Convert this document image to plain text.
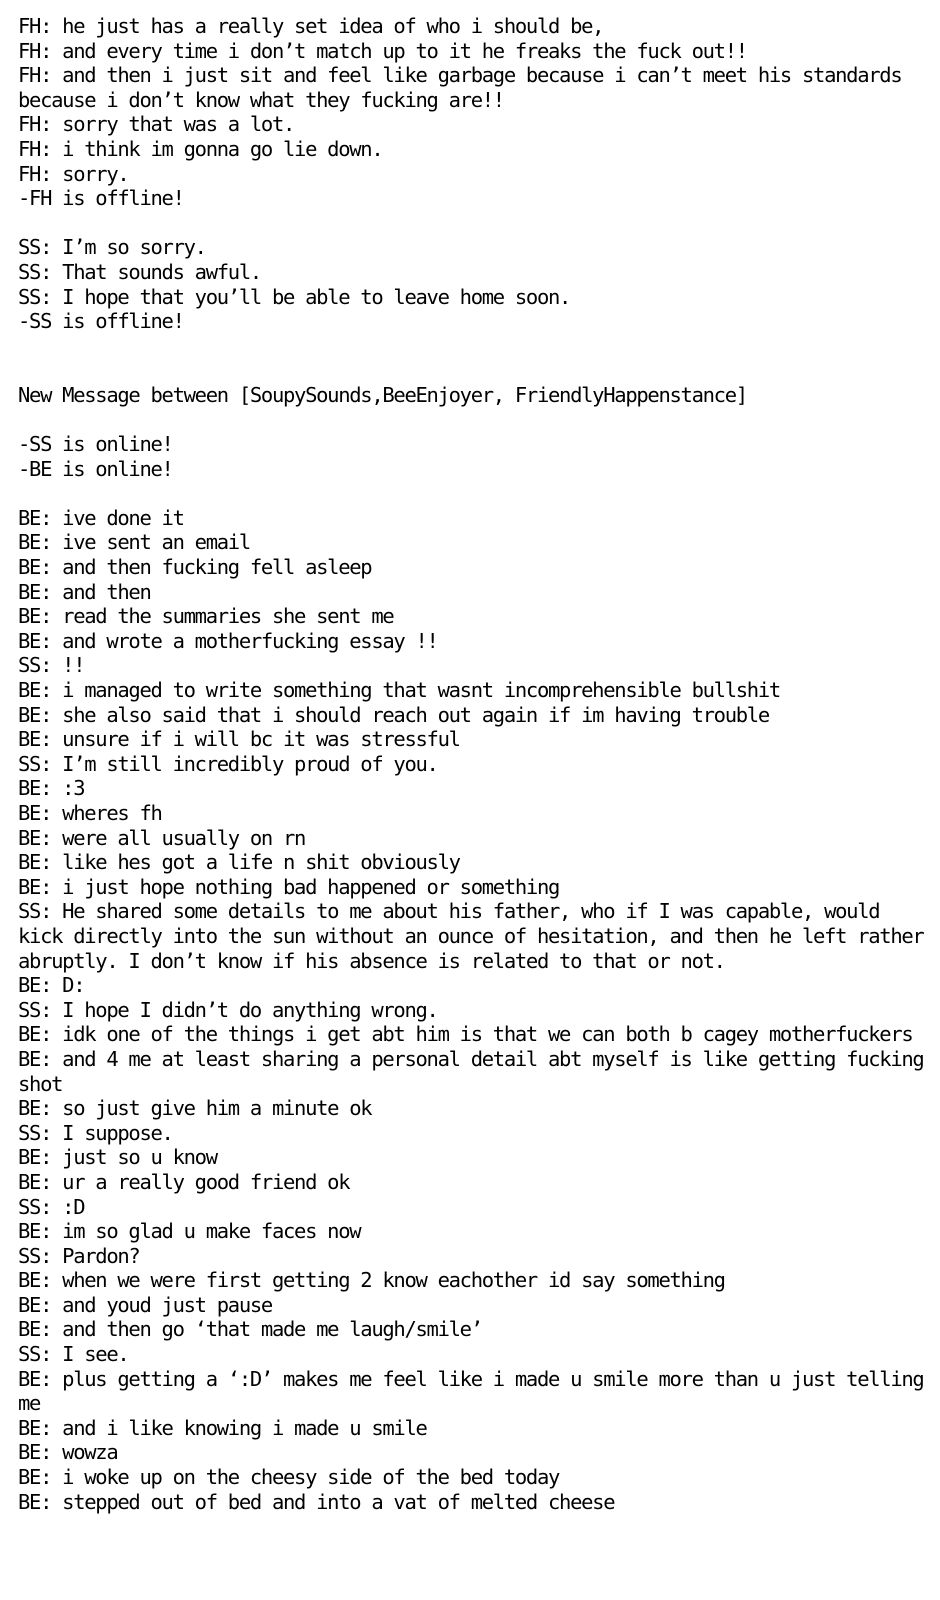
FH: he just has a really set idea of who i should be,
FH: and every time i don’t match up to it he freaks the fuck out!!
FH: and then i just sit and feel like garbage because i can’t meet his standards because i don’t know what they fucking are!!
FH: sorry that was a lot.
FH: i think im gonna go lie down.
FH: sorry.
-FH is offline!
SS: I’m so sorry.
SS: That sounds awful.
SS: I hope that you’ll be able to leave home soon.
-SS is offline!
New Message between [SoupySounds,BeeEnjoyer, FriendlyHappenstance]
-SS is online!
-BE is online!
BE: ive done it
BE: ive sent an email
BE: and then fucking fell asleep
BE: and then
BE: read the summaries she sent me
BE: and wrote a motherfucking essay !!
SS: !!
BE: i managed to write something that wasnt incomprehensible bullshit
BE: she also said that i should reach out again if im having trouble
BE: unsure if i will bc it was stressful
SS: I’m still incredibly proud of you.
BE: :3
BE: wheres fh
BE: were all usually on rn
BE: like hes got a life n shit obviously
BE: i just hope nothing bad happened or something
SS: He shared some details to me about his father, who if I was capable, would kick directly into the sun without an ounce of hesitation, and then he left rather abruptly. I don’t know if his absence is related to that or not.
BE: D:
SS: I hope I didn’t do anything wrong.
BE: idk one of the things i get abt him is that we can both b cagey motherfuckers
BE: and 4 me at least sharing a personal detail abt myself is like getting fucking shot
BE: so just give him a minute ok
SS: I suppose.
BE: just so u know
BE: ur a really good friend ok
SS: :D
BE: im so glad u make faces now
SS: Pardon?
BE: when we were first getting 2 know eachother id say something
BE: and youd just pause
BE: and then go ‘that made me laugh/smile’
SS: I see.
BE: plus getting a ‘:D’ makes me feel like i made u smile more than u just telling me
BE: and i like knowing i made u smile
BE: wowza
BE: i woke up on the cheesy side of the bed today
BE: stepped out of bed and into a vat of melted cheese
